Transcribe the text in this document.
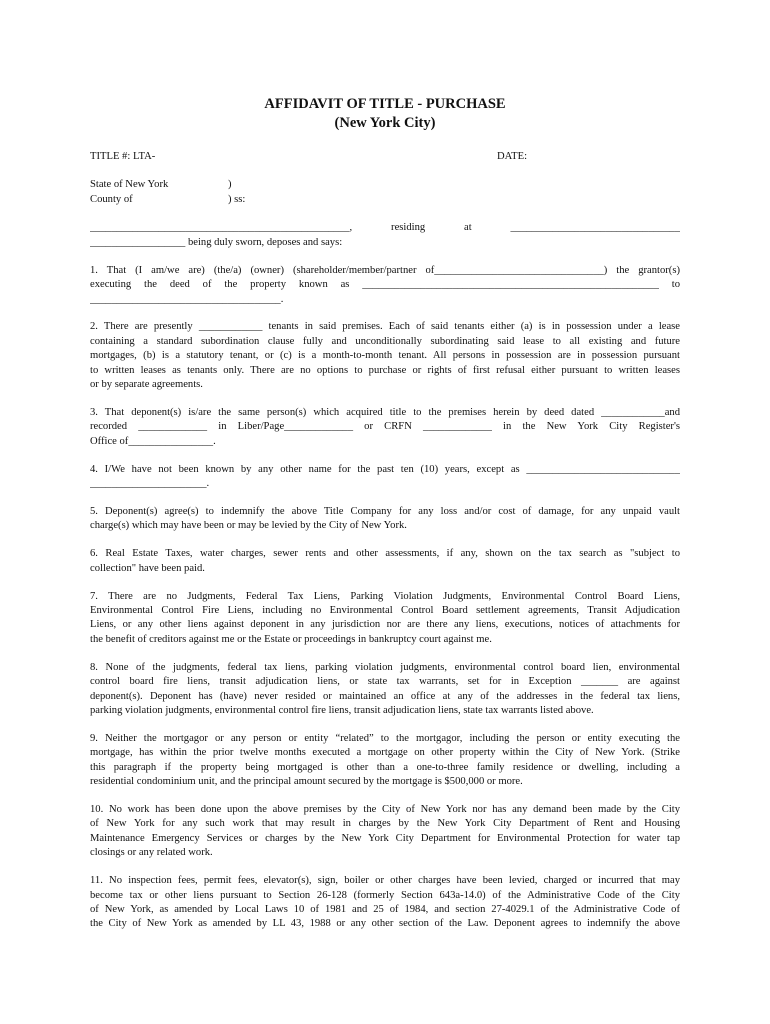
AFFIDAVIT OF TITLE - PURCHASE
(New York City)
TITLE #: LTA-	DATE:
State of New York
County of
)
) ss:
_________________________________________________, residing at ________________________________
__________________ being duly sworn, deposes and says:
1. That (I am/we are) (the/a) (owner) (shareholder/member/partner of________________________________) the grantor(s)
executing the deed of the property known as ________________________________________________________ to
____________________________________.
2. There are presently ____________ tenants in said premises. Each of said tenants either (a) is in possession under a lease
containing a standard subordination clause fully and unconditionally subordinating said lease to all existing and future
mortgages, (b) is a statutory tenant, or (c) is a month-to-month tenant. All persons in possession are in possession pursuant
to written leases as tenants only. There are no options to purchase or rights of first refusal either pursuant to written leases
or by separate agreements.
3. That deponent(s) is/are the same person(s) which acquired title to the premises herein by deed dated ____________and
recorded _____________ in Liber/Page_____________ or CRFN _____________ in the New York City Register's
Office of________________.
4. I/We have not been known by any other name for the past ten (10) years, except as _____________________________
______________________.
5. Deponent(s) agree(s) to indemnify the above Title Company for any loss and/or cost of damage, for any unpaid vault
charge(s) which may have been or may be levied by the City of New York.
6. Real Estate Taxes, water charges, sewer rents and other assessments, if any, shown on the tax search as "subject to
collection" have been paid.
7. There are no Judgments, Federal Tax Liens, Parking Violation Judgments, Environmental Control Board Liens,
Environmental Control Fire Liens, including no Environmental Control Board settlement agreements, Transit Adjudication
Liens, or any other liens against deponent in any jurisdiction nor are there any liens, executions, notices of attachments for
the benefit of creditors against me or the Estate or proceedings in bankruptcy court against me.
8. None of the judgments, federal tax liens, parking violation judgments, environmental control board lien, environmental
control board fire liens, transit adjudication liens, or state tax warrants, set for in Exception _______ are against
deponent(s). Deponent has (have) never resided or maintained an office at any of the addresses in the federal tax liens,
parking violation judgments, environmental control fire liens, transit adjudication liens, state tax warrants listed above.
9. Neither the mortgagor or any person or entity “related” to the mortgagor, including the person or entity executing the
mortgage, has within the prior twelve months executed a mortgage on other property within the City of New York. (Strike
this paragraph if the property being mortgaged is other than a one-to-three family residence or dwelling, including a
residential condominium unit, and the principal amount secured by the mortgage is $500,000 or more.
10. No work has been done upon the above premises by the City of New York nor has any demand been made by the City
of New York for any such work that may result in charges by the New York City Department of Rent and Housing
Maintenance Emergency Services or charges by the New York City Department for Environmental Protection for water tap
closings or any related work.
11. No inspection fees, permit fees, elevator(s), sign, boiler or other charges have been levied, charged or incurred that may
become tax or other liens pursuant to Section 26-128 (formerly Section 643a-14.0) of the Administrative Code of the City
of New York, as amended by Local Laws 10 of 1981 and 25 of 1984, and section 27-4029.1 of the Administrative Code of
the City of New York as amended by LL 43, 1988 or any other section of the Law. Deponent agrees to indemnify the above
